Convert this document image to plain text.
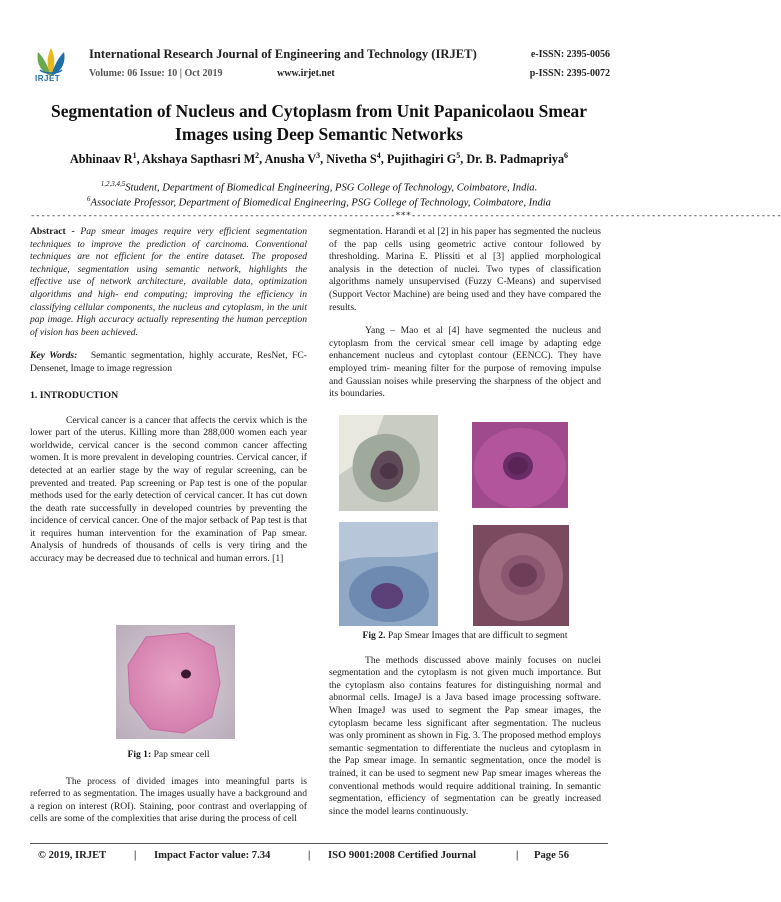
IRJET
International Research Journal of Engineering and Technology (IRJET)	e-ISSN: 2395-0056
Volume: 06 Issue: 10 | Oct 2019	www.irjet.net	p-ISSN: 2395-0072
Segmentation of Nucleus and Cytoplasm from Unit Papanicolaou Smear
Images using Deep Semantic Networks
Abhinaav $R^1$, Akshaya Sapthasri $M^2$, Anusha $V^3$, Nivetha $S^4$, Pujithagiri $G^5$, Dr. B. Padmapriya$^6$
$^{1,2,3,4,5}$Student, Department of Biomedical Engineering, PSG College of Technology, Coimbatore, India.
$^6$Associate Professor, Department of Biomedical Engineering, PSG College of Technology, Coimbatore, India
----------------------------------------------------------------------***-----------------------------------------------------------------------

Abstract - Pap smear images require very efficient segmentation techniques to improve the prediction of carcinoma. Conventional techniques are not efficient for the entire dataset. The proposed technique, segmentation using semantic network, highlights the effective use of network architecture, available data, optimization algorithms and high- end computing; improving the efficiency in classifying cellular components, the nucleus and cytoplasm, in the unit pap image. High accuracy actually representing the human perception of vision has been achieved.

Key Words: Semantic segmentation, highly accurate, ResNet, FC- Densenet, Image to image regression

1. INTRODUCTION

Cervical cancer is a cancer that affects the cervix which is the lower part of the uterus. Killing more than 288,000 women each year worldwide, cervical cancer is the second common cancer affecting women. It is more prevalent in developing countries. Cervical cancer, if detected at an earlier stage by the way of regular screening, can be prevented and treated. Pap screening or Pap test is one of the popular methods used for the early detection of cervical cancer. It has cut down the death rate successfully in developed countries by preventing the incidence of cervical cancer. One of the major setback of Pap test is that it requires human intervention for the examination of Pap smear. Analysis of hundreds of thousands of cells is very tiring and the accuracy may be decreased due to technical and human errors. [1]

Fig 1: Pap smear cell

The process of divided images into meaningful parts is referred to as segmentation. The images usually have a background and a region on interest (ROI). Staining, poor contrast and overlapping of cells are some of the complexities that arise during the process of cell

segmentation. Harandi et al [2] in his paper has segmented the nucleus of the pap cells using geometric active contour followed by thresholding. Marina E. Plissiti et al [3] applied morphological analysis in the detection of nuclei. Two types of classification algorithms namely unsupervised (Fuzzy C-Means) and supervised (Support Vector Machine) are being used and they have compared the results.

Yang – Mao et al [4] have segmented the nucleus and cytoplasm from the cervical smear cell image by adapting edge enhancement nucleus and cytoplast contour (EENCC). They have employed trim- meaning filter for the purpose of removing impulse and Gaussian noises while preserving the sharpness of the object and its boundaries.

Fig 2. Pap Smear Images that are difficult to segment

The methods discussed above mainly focuses on nuclei segmentation and the cytoplasm is not given much importance. But the cytoplasm also contains features for distinguishing normal and abnormal cells. ImageJ is a Java based image processing software. When ImageJ was used to segment the Pap smear images, the cytoplasm became less significant after segmentation. The nucleus was only prominent as shown in Fig. 3. The proposed method employs semantic segmentation to differentiate the nucleus and cytoplasm in the Pap smear image. In semantic segmentation, once the model is trained, it can be used to segment new Pap smear images whereas the conventional methods would require additional training. In semantic segmentation, efficiency of segmentation can be greatly increased since the model learns continuously.

© 2019, IRJET	| Impact Factor value: 7.34	| ISO 9001:2008 Certified Journal	| Page 56
